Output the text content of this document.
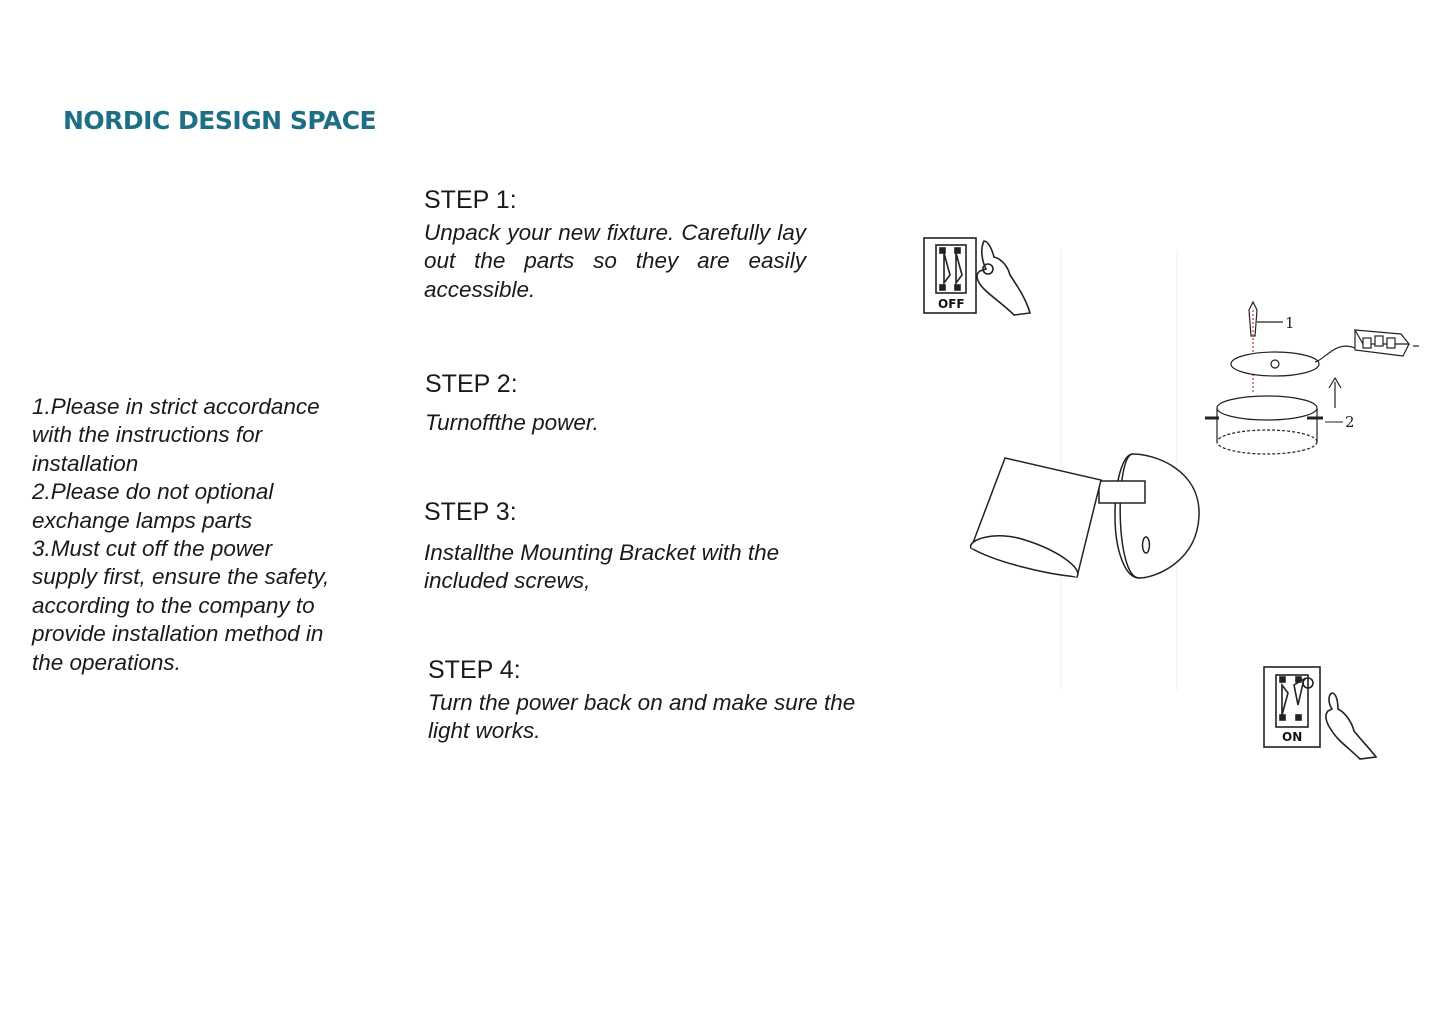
NORDIC DESIGN SPACE
1.Please in strict accordance
with the instructions for
installation
2.Please do not optional
exchange lamps parts
3.Must cut off the power
supply first, ensure the safety,
according to the company to
provide installation method in
the operations.
STEP 1:
Unpack your new fixture. Carefully lay out the parts so they are easily accessible.
STEP 2:
Turnoffthe power.
STEP 3:
Installthe Mounting Bracket with the included screws,
STEP 4:
Turn the power back on and make sure the light works.
OFF
1
2
ON
